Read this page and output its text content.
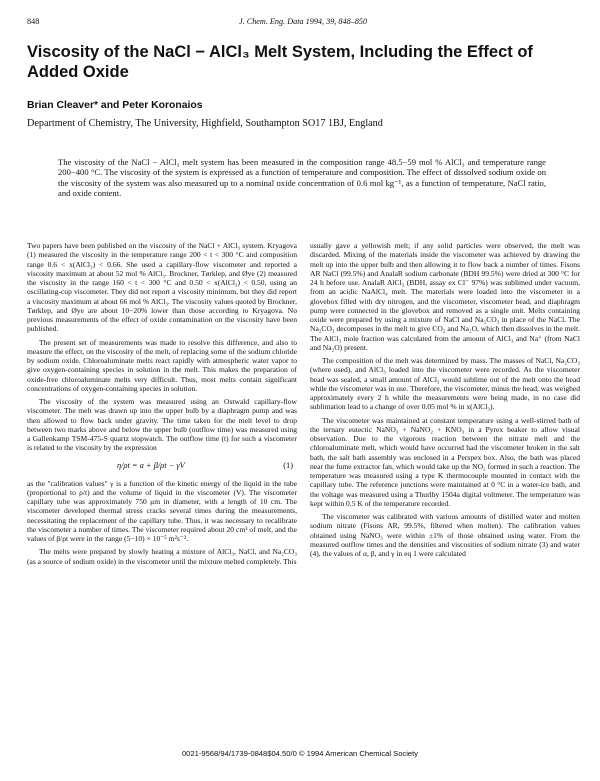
848	J. Chem. Eng. Data 1994, 39, 848–850
Viscosity of the NaCl − AlCl₃ Melt System, Including the Effect of Added Oxide
Brian Cleaver* and Peter Koronaios
Department of Chemistry, The University, Highfield, Southampton SO17 1BJ, England

The viscosity of the NaCl − AlCl₃ melt system has been measured in the composition range 48.5−59 mol % AlCl₃ and temperature range 200−400 °C. The viscosity of the system is expressed as a function of temperature and composition. The effect of dissolved sodium oxide on the viscosity of the system was also measured up to a nominal oxide concentration of 0.6 mol kg⁻¹, as a function of temperature, NaCl ratio, and oxide content.

Two papers have been published on the viscosity of the NaCl + AlCl₃ system. Kryagova (1) measured the viscosity in the temperature range 200 < t < 300 °C and composition range 0.6 < x(AlCl₃) < 0.66. She used a capillary-flow viscometer and reported a viscosity maximum at about 52 mol % AlCl₃. Brockner, Tørklep, and Øye (2) measured the viscosity in the range 160 < t < 300 °C and 0.50 < x(AlCl₃) < 0.50, using an oscillating-cup viscometer. They did not report a viscosity minimum, but they did report a viscosity maximum at about 66 mol % AlCl₃. The viscosity values quoted by Brockner, Tørklep, and Øye are about 10−20% lower than those according to Kryagova. No previous measurements of the effect of oxide contamination on the viscosity have been published.

The present set of measurements was made to resolve this difference, and also to measure the effect, on the viscosity of the melt, of replacing some of the sodium chloride by sodium oxide. Chloroaluminate melts react rapidly with atmospheric water vapor to give oxygen-containing species in solution in the melt. This makes the preparation of oxide-free chloroaluminate melts very difficult. Thus, most melts contain significant concentrations of oxygen-containing species in solution.

The viscosity of the system was measured using an Ostwald capillary-flow viscometer. The melt was drawn up into the upper bulb by a diaphragm pump and was then allowed to flow back under gravity. The time taken for the melt level to drop between two marks above and below the upper bulb (outflow time) was measured using a Gallenkamp TSM-475-S quartz stopwatch. The outflow time (t) for such a viscometer is related to the viscosity by the expression

η/ρt = a + β/ρt − γV	(1)

as the "calibration values" γ is a function of the kinetic energy of the liquid in the tube (proportional to ρ/t) and the volume of liquid in the viscometer (V). The viscometer capillary tube was approximately 750 μm in diameter, with a length of 10 cm. The viscometer developed thermal stress cracks several times during the measurements, necessitating the replacement of the capillary tube. Thus, it was necessary to recalibrate the viscometer a number of times. The viscometer required about 20 cm³ of melt, and the values of β/ρt were in the range (5−10) × 10⁻⁵ m²s⁻².

The melts were prepared by slowly heating a mixture of AlCl₃, NaCl, and Na₂CO₃ (as a source of sodium oxide) in the viscometer until the mixture melted completely. This

usually gave a yellowish melt; if any solid particles were observed, the melt was discarded. Mixing of the materials inside the viscometer was achieved by drawing the melt up into the upper bulb and then allowing it to flow back a number of times. Fisons AR NaCl (99.5%) and AnalaR sodium carbonate (BDH 99.5%) were dried at 300 °C for 24 h before use. AnalaR AlCl₃ (BDH, assay ex Cl⁻ 97%) was sublimed under vacuum, from an acidic NaAlCl₄ melt. The materials were loaded into the viscometer in a glovebox filled with dry nitrogen, and the viscometer, viscometer head, and diaphragm pump were connected in the glovebox and removed as a single unit. Melts containing oxide were prepared by using a mixture of NaCl and Na₂CO₃ in place of the NaCl. The Na₂CO₃ decomposes in the melt to give CO₂ and Na₂O, which then dissolves in the melt. The AlCl₃ mole fraction was calculated from the amount of AlCl₃ and Na⁺ (from NaCl and Na₂O) present.

The composition of the melt was determined by mass. The masses of NaCl, Na₂CO₃ (where used), and AlCl₃ loaded into the viscometer were recorded. As the viscometer head was sealed, a small amount of AlCl₃ would sublime out of the melt onto the head while the viscometer was in use. Therefore, the viscometer, minus the head, was weighed approximately every 2 h while the measurements were being made, in no case did sublimation lead to a change of over 0.05 mol % in x(AlCl₃).

The viscometer was maintained at constant temperature using a well-stirred bath of the ternary eutectic NaNO₃ + NaNO₂ + KNO₃ in a Pyrex beaker to allow visual observation. Due to the vigorous reaction between the nitrate melt and the chloroaluminate melt, which would have occurred had the viscometer broken in the salt bath, the salt bath assembly was enclosed in a Perspex box. Also, the bath was placed near the fume extractor fan, which would take up the NO₂ formed in such a reaction. The temperature was measured using a type K thermocouple mounted in contact with the capillary tube. The reference junctions were maintained at 0 °C in a water-ice bath, and the voltage was measured using a Thurlby 1504a digital voltmeter. The temperature was kept within 0.5 K of the temperature recorded.

The viscometer was calibrated with various amounts of distilled water and molten sodium nitrate (Fisons AR, 99.5%, filtered when molten). The calibration values obtained using NaNO₃ were within ±1% of those obtained using water. From the measured outflow times and the densities and viscosities of sodium nitrate (3) and water (4), the values of α, β, and γ in eq 1 were calculated

0021-9568/94/1739-0848$04.50/0 © 1994 American Chemical Society
